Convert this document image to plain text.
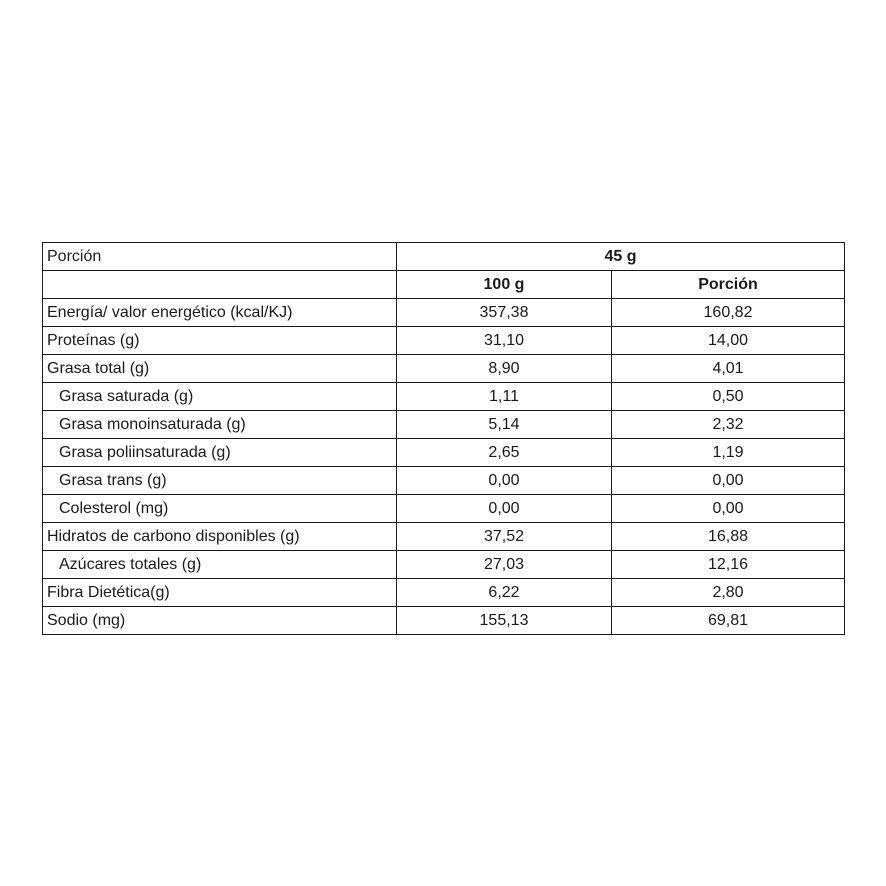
Porción	45 g	
	100 g	Porción
Energía/ valor energético (kcal/KJ)	357,38	160,82
Proteínas (g)	31,10	14,00
Grasa total (g)	8,90	4,01
Grasa saturada (g)	1,11	0,50
Grasa monoinsaturada (g)	5,14	2,32
Grasa poliinsaturada (g)	2,65	1,19
Grasa trans (g)	0,00	0,00
Colesterol (mg)	0,00	0,00
Hidratos de carbono disponibles (g)	37,52	16,88
Azúcares totales (g)	27,03	12,16
Fibra Dietética(g)	6,22	2,80
Sodio (mg)	155,13	69,81
